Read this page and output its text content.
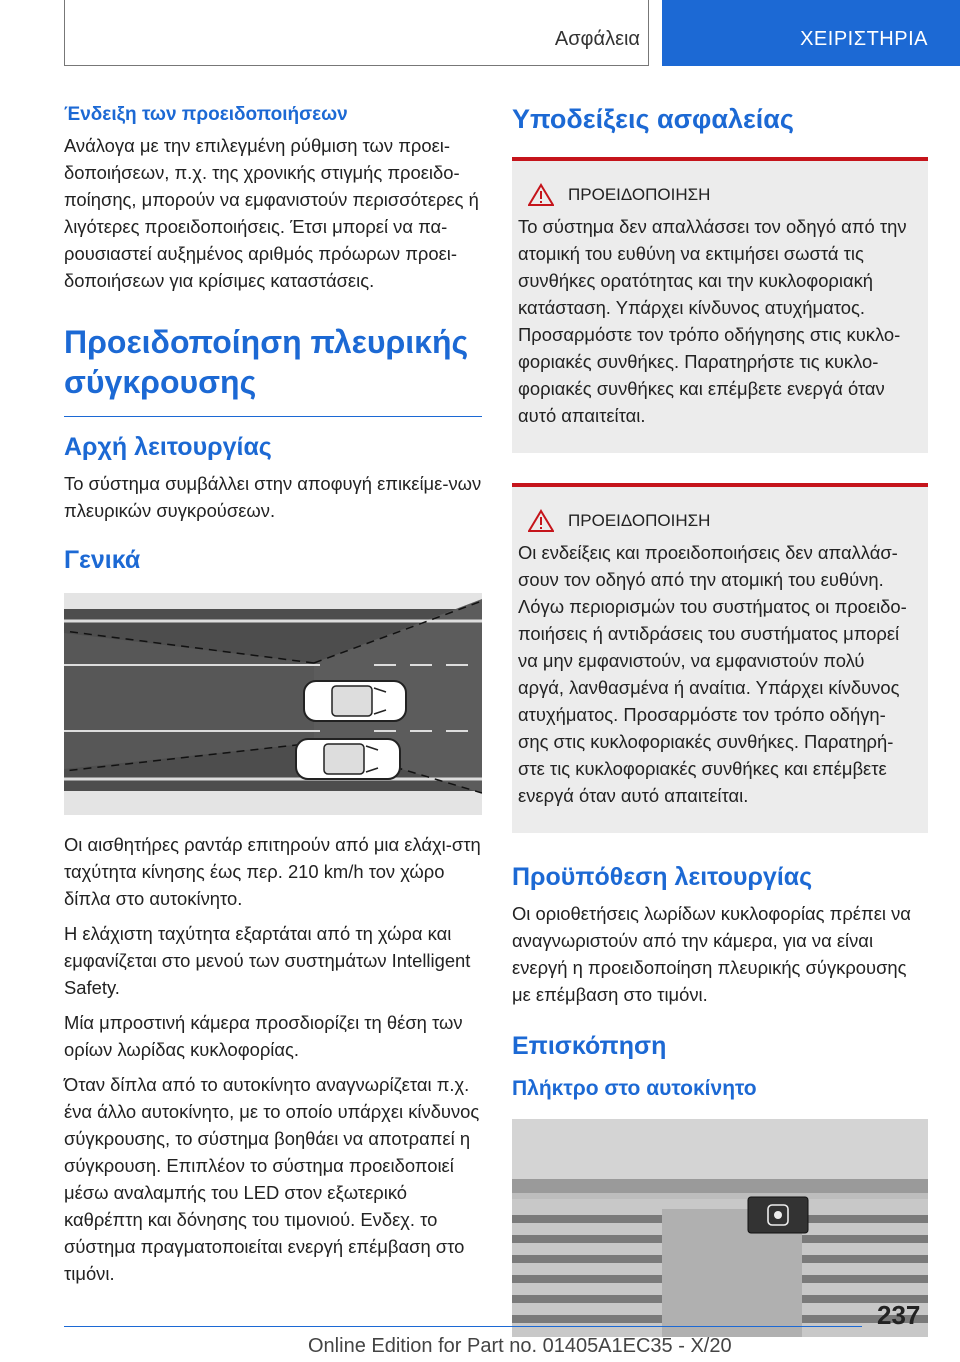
Ασφάλεια	ΧΕΙΡΙΣΤΗΡΙΑ
Ένδειξη των προειδοποιήσεων

Ανάλογα με την επιλεγμένη ρύθμιση των προει-δοποιήσεων, π.χ. της χρονικής στιγμής προειδο-ποίησης, μπορούν να εμφανιστούν περισσότερες ή λιγότερες προειδοποιήσεις. Έτσι μπορεί να πα-ρουσιαστεί αυξημένος αριθμός πρόωρων προει-δοποιήσεων για κρίσιμες καταστάσεις.

Προειδοποίηση πλευρικής
σύγκρουσης
Αρχή λειτουργίας

Το σύστημα συμβάλλει στην αποφυγή επικείμε-νων πλευρικών συγκρούσεων.

Γενικά

Οι αισθητήρες ραντάρ επιτηρούν από μια ελάχι-στη ταχύτητα κίνησης έως περ. 210 km/h τον χώρο δίπλα στο αυτοκίνητο.

Η ελάχιστη ταχύτητα εξαρτάται από τη χώρα και εμφανίζεται στο μενού των συστημάτων Intelligent Safety.

Μία μπροστινή κάμερα προσδιορίζει τη θέση των ορίων λωρίδας κυκλοφορίας.

Όταν δίπλα από το αυτοκίνητο αναγνωρίζεται π.χ. ένα άλλο αυτοκίνητο, με το οποίο υπάρχει κίνδυνος σύγκρουσης, το σύστημα βοηθάει να αποτραπεί η σύγκρουση. Επιπλέον το σύστημα προειδοποιεί μέσω αναλαμπής του LED στον εξωτερικό καθρέπτη και δόνησης του τιμονιού. Ενδεχ. το σύστημα πραγματοποιείται ενεργή επέμβαση στο τιμόνι.

Υποδείξεις ασφαλείας
ΠΡΟΕΙΔΟΠΟΙΗΣΗ

Το σύστημα δεν απαλλάσσει τον οδηγό από την ατομική του ευθύνη να εκτιμήσει σωστά τις συνθήκες ορατότητας και την κυκλοφοριακή κατάσταση. Υπάρχει κίνδυνος ατυχήματος. Προσαρμόστε τον τρόπο οδήγησης στις κυκλο-φοριακές συνθήκες. Παρατηρήστε τις κυκλο-φοριακές συνθήκες και επέμβετε ενεργά όταν αυτό απαιτείται.

ΠΡΟΕΙΔΟΠΟΙΗΣΗ

Οι ενδείξεις και προειδοποιήσεις δεν απαλλάσ-σουν τον οδηγό από την ατομική του ευθύνη. Λόγω περιορισμών του συστήματος οι προειδο-ποιήσεις ή αντιδράσεις του συστήματος μπορεί να μην εμφανιστούν, να εμφανιστούν πολύ αργά, λανθασμένα ή αναίτια. Υπάρχει κίνδυνος ατυχήματος. Προσαρμόστε τον τρόπο οδήγη-σης στις κυκλοφοριακές συνθήκες. Παρατηρή-στε τις κυκλοφοριακές συνθήκες και επέμβετε ενεργά όταν αυτό απαιτείται.

Προϋπόθεση λειτουργίας

Οι οριοθετήσεις λωρίδων κυκλοφορίας πρέπει να αναγνωριστούν από την κάμερα, για να είναι ενεργή η προειδοποίηση πλευρικής σύγκρουσης με επέμβαση στο τιμόνι.

Επισκόπηση
Πλήκτρο στο αυτοκίνητο
237
Online Edition for Part no. 01405A1EC35 - X/20
